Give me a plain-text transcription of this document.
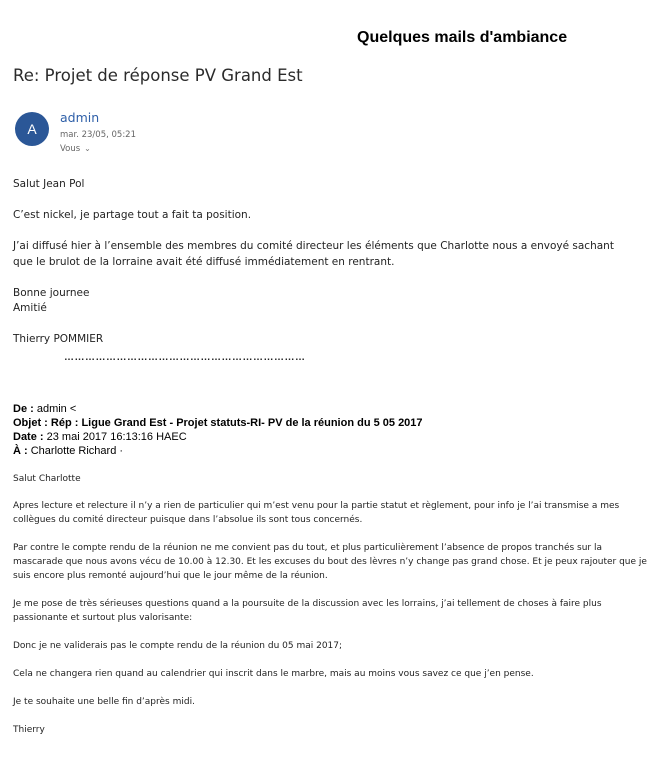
Quelques mails d'ambiance
Re: Projet de réponse PV Grand Est
A
admin
mar. 23/05, 05:21
Vous ⌄
Salut Jean Pol
C’est nickel, je partage tout a fait ta position.
J’ai diffusé hier à l’ensemble des membres du comité directeur les éléments que Charlotte nous a envoyé sachant
que le brulot de la lorraine avait été diffusé immédiatement en rentrant.
Bonne journee
Amitié
Thierry POMMIER
……………………………………………………………
De : admin <
Objet : Rép : Ligue Grand Est - Projet statuts-RI- PV de la réunion du 5 05 2017
Date : 23 mai 2017 16:13:16 HAEC
À : Charlotte Richard ·
Salut Charlotte
Apres lecture et relecture il n’y a rien de particulier qui m’est venu pour la partie statut et règlement, pour info je l’ai transmise a mes
collègues du comité directeur puisque dans l’absolue ils sont tous concernés.
Par contre le compte rendu de la réunion ne me convient pas du tout, et plus particulièrement l’absence de propos tranchés sur la
mascarade que nous avons vécu de 10.00 à 12.30. Et les excuses du bout des lèvres n’y change pas grand chose. Et je peux rajouter que je
suis encore plus remonté aujourd’hui que le jour même de la réunion.
Je me pose de très sérieuses questions quand a la poursuite de la discussion avec les lorrains, j’ai tellement de choses à faire plus
passionante et surtout plus valorisante:
Donc je ne validerais pas le compte rendu de la réunion du 05 mai 2017;
Cela ne changera rien quand au calendrier qui inscrit dans le marbre, mais au moins vous savez ce que j’en pense.
Je te souhaite une belle fin d’après midi.
Thierry
